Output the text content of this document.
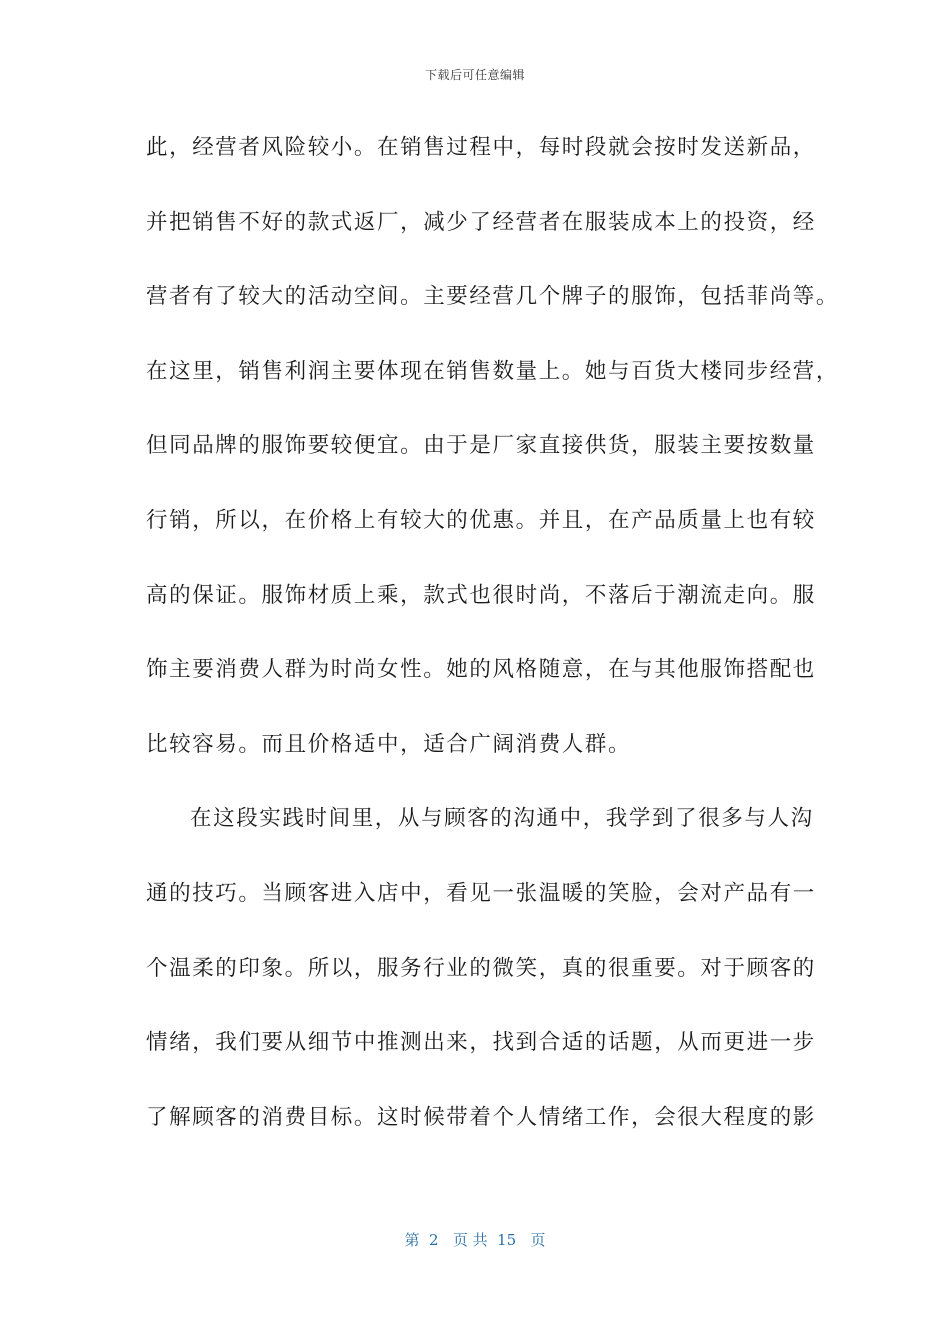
下载后可任意编辑
此，经营者风险较小。在销售过程中，每时段就会按时发送新品，
并把销售不好的款式返厂，减少了经营者在服装成本上的投资，经
营者有了较大的活动空间。主要经营几个牌子的服饰，包括菲尚等。
在这里，销售利润主要体现在销售数量上。她与百货大楼同步经营，
但同品牌的服饰要较便宜。由于是厂家直接供货，服装主要按数量
行销，所以，在价格上有较大的优惠。并且，在产品质量上也有较
高的保证。服饰材质上乘，款式也很时尚，不落后于潮流走向。服
饰主要消费人群为时尚女性。她的风格随意，在与其他服饰搭配也
比较容易。而且价格适中，适合广阔消费人群。
在这段实践时间里，从与顾客的沟通中，我学到了很多与人沟
通的技巧。当顾客进入店中，看见一张温暖的笑脸，会对产品有一
个温柔的印象。所以，服务行业的微笑，真的很重要。对于顾客的
情绪，我们要从细节中推测出来，找到合适的话题，从而更进一步
了解顾客的消费目标。这时候带着个人情绪工作，会很大程度的影
第  2   页 共  15   页
